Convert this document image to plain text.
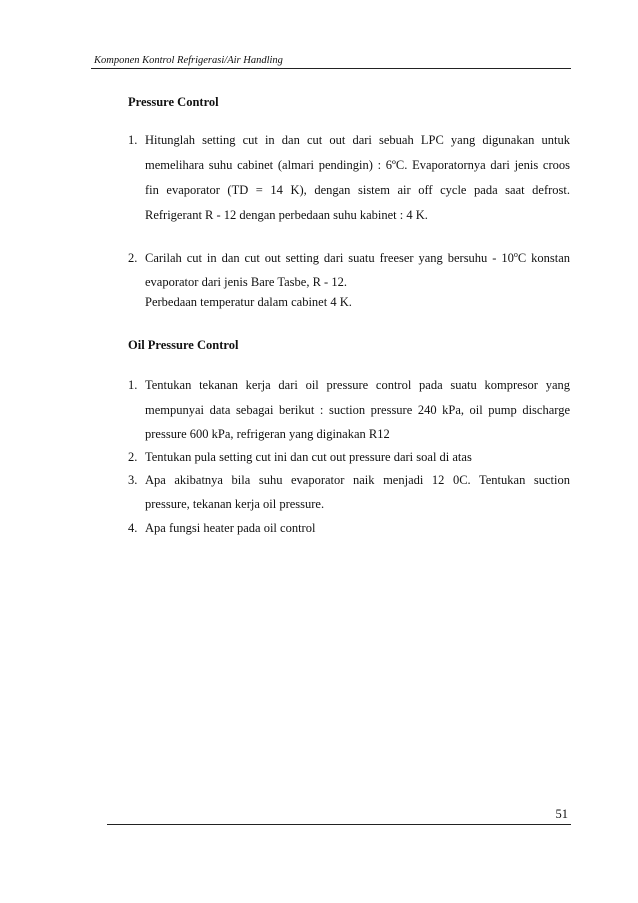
Komponen Kontrol Refrigerasi/Air Handling
Pressure Control
1. Hitunglah setting cut in dan cut out dari sebuah LPC yang digunakan untuk
memelihara suhu cabinet (almari pendingin) : 6ºC. Evaporatornya dari jenis croos
fin evaporator (TD = 14 K), dengan sistem air off cycle pada saat defrost.
Refrigerant R - 12 dengan perbedaan suhu kabinet : 4 K.
2. Carilah cut in dan cut out setting dari suatu freeser yang bersuhu - 10$^o$C konstan
evaporator dari jenis Bare Tasbe, R - 12.
Perbedaan temperatur dalam cabinet 4 K.
Oil Pressure Control
1. Tentukan tekanan kerja dari oil pressure control pada suatu kompresor yang
mempunyai data sebagai berikut : suction pressure 240 kPa, oil pump discharge
pressure 600 kPa, refrigeran yang diginakan R12
2. Tentukan pula setting cut ini dan cut out pressure dari soal di atas
3. Apa akibatnya bila suhu evaporator naik menjadi 12 0C. Tentukan suction
pressure, tekanan kerja oil pressure.
4. Apa fungsi heater pada oil control
51
